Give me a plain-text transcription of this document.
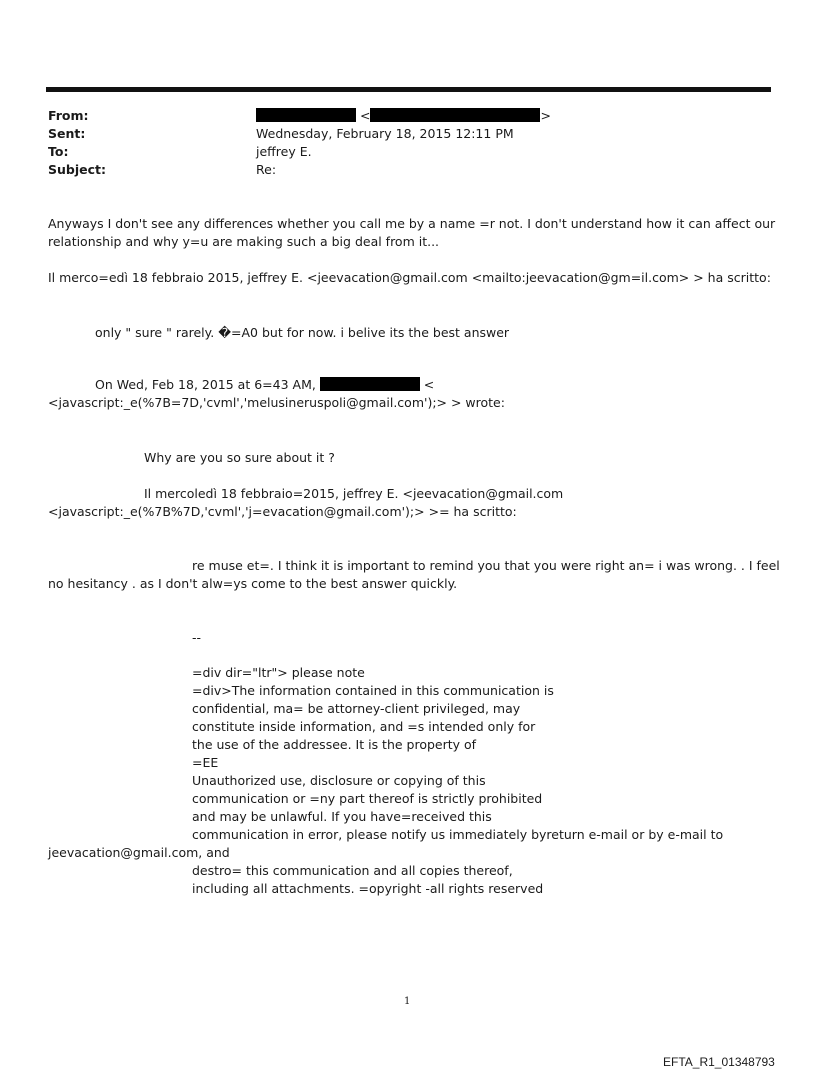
From:	<	>
Sent:	Wednesday, February 18, 2015 12:11 PM
To:	jeffrey E.
Subject:	Re:
Anyways I don't see any differences whether you call me by a name =r not. I don't understand how it can affect our
relationship and why y=u are making such a big deal from it...
Il merco=edì 18 febbraio 2015, jeffrey E. <jeevacation@gmail.com <mailto:jeevacation@gm=il.com> > ha scritto:
only " sure " rarely. �=A0 but for now. i belive its the best answer
On Wed, Feb 18, 2015 at 6=43 AM,	<
<javascript:_e(%7B=7D,'cvml','melusineruspoli@gmail.com');> > wrote:
Why are you so sure about it ?
Il mercoledì 18 febbraio=2015, jeffrey E. <jeevacation@gmail.com
<javascript:_e(%7B%7D,'cvml','j=evacation@gmail.com');> >= ha scritto:
re muse et=. I think it is important to remind you that you were right an= i was wrong. . I feel
no hesitancy . as I don't alw=ys come to the best answer quickly.
--
=div dir="ltr"> please note
=div>The information contained in this communication is
confidential, ma= be attorney-client privileged, may
constitute inside information, and =s intended only for
the use of the addressee. It is the property of
=EE
Unauthorized use, disclosure or copying of this
communication or =ny part thereof is strictly prohibited
and may be unlawful. If you have=received this
communication in error, please notify us immediately byreturn e-mail or by e-mail to
jeevacation@gmail.com, and
destro= this communication and all copies thereof,
including all attachments. =opyright -all rights reserved
1
EFTA_R1_01348793
